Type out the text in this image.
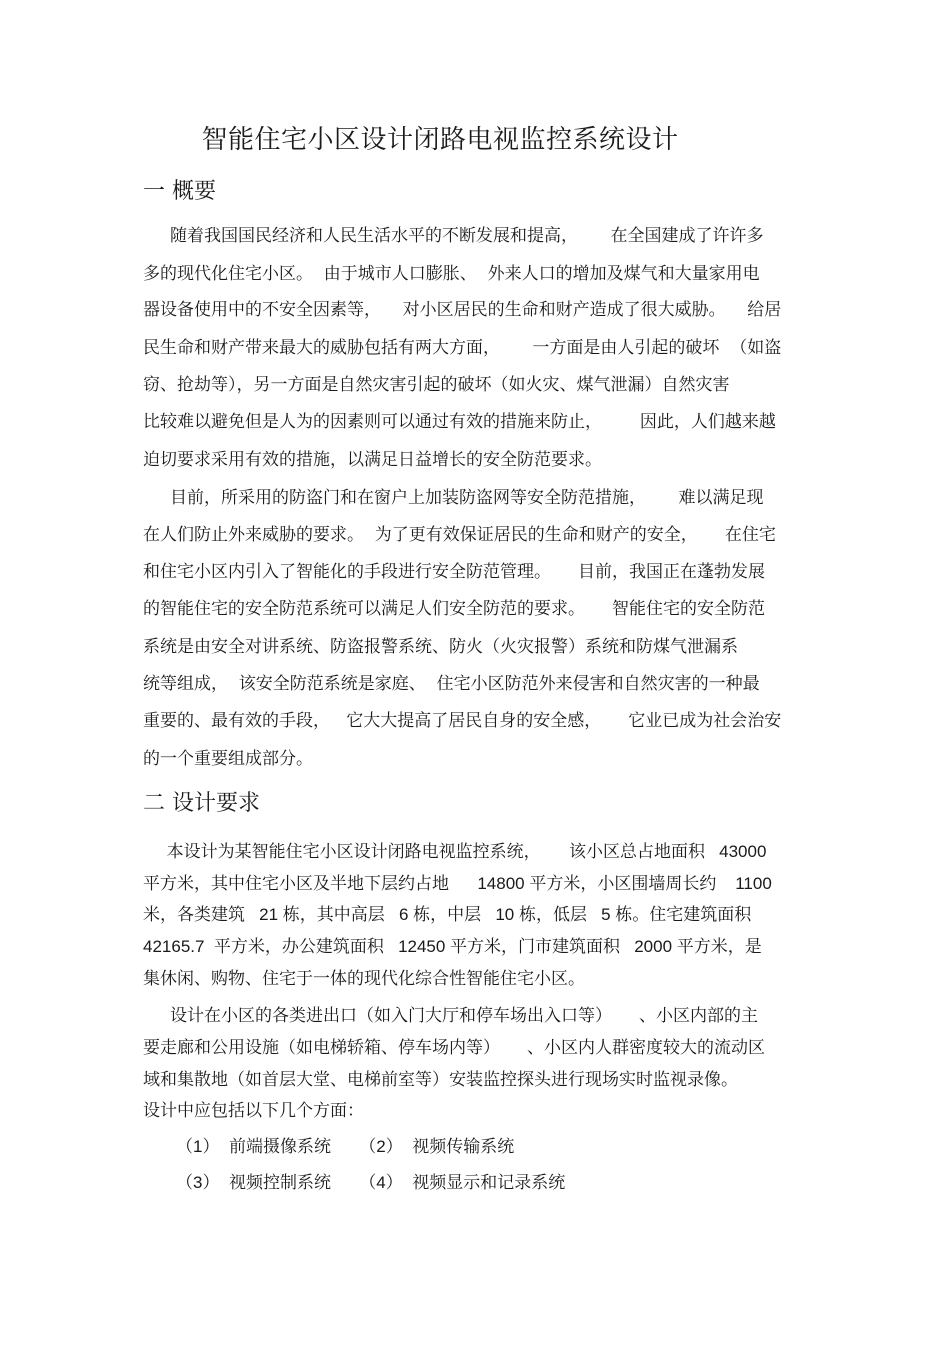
智能住宅小区设计闭路电视监控系统设计
一 概要
随着我国国民经济和人民生活水平的不断发展和提高，      在全国建成了许许多
多的现代化住宅小区。  由于城市人口膨胀、  外来人口的增加及煤气和大量家用电
器设备使用中的不安全因素等，    对小区居民的生命和财产造成了很大威胁。    给居
民生命和财产带来最大的威胁包括有两大方面，      一方面是由人引起的破坏  （如盗
窃、抢劫等），另一方面是自然灾害引起的破坏（如火灾、煤气泄漏）自然灾害
比较难以避免但是人为的因素则可以通过有效的措施来防止，       因此，人们越来越
迫切要求采用有效的措施，以满足日益增长的安全防范要求。
目前，所采用的防盗门和在窗户上加装防盗网等安全防范措施，      难以满足现
在人们防止外来威胁的要求。  为了更有效保证居民的生命和财产的安全，     在住宅
和住宅小区内引入了智能化的手段进行安全防范管理。     目前，我国正在蓬勃发展
的智能住宅的安全防范系统可以满足人们安全防范的要求。     智能住宅的安全防范
系统是由安全对讲系统、防盗报警系统、防火（火灾报警）系统和防煤气泄漏系
统等组成，  该安全防范系统是家庭、  住宅小区防范外来侵害和自然灾害的一种最
重要的、最有效的手段，   它大大提高了居民自身的安全感，     它业已成为社会治安
的一个重要组成部分。
二 设计要求
本设计为某智能住宅小区设计闭路电视监控系统，      该小区总占地面积   43000
平方米，其中住宅小区及半地下层约占地      14800 平方米，小区围墙周长约    1100
米，各类建筑   21 栋，其中高层   6 栋，中层   10 栋，低层   5 栋。住宅建筑面积
42165.7  平方米，办公建筑面积   12450 平方米，门市建筑面积   2000 平方米，是
集休闲、购物、住宅于一体的现代化综合性智能住宅小区。
设计在小区的各类进出口（如入门大厅和停车场出入口等）     、小区内部的主
要走廊和公用设施（如电梯轿箱、停车场内等）     、小区内人群密度较大的流动区
域和集散地（如首层大堂、电梯前室等）安装监控探头进行现场实时监视录像。
设计中应包括以下几个方面：
（1）  前端摄像系统      （2）  视频传输系统
（3）  视频控制系统      （4）  视频显示和记录系统
